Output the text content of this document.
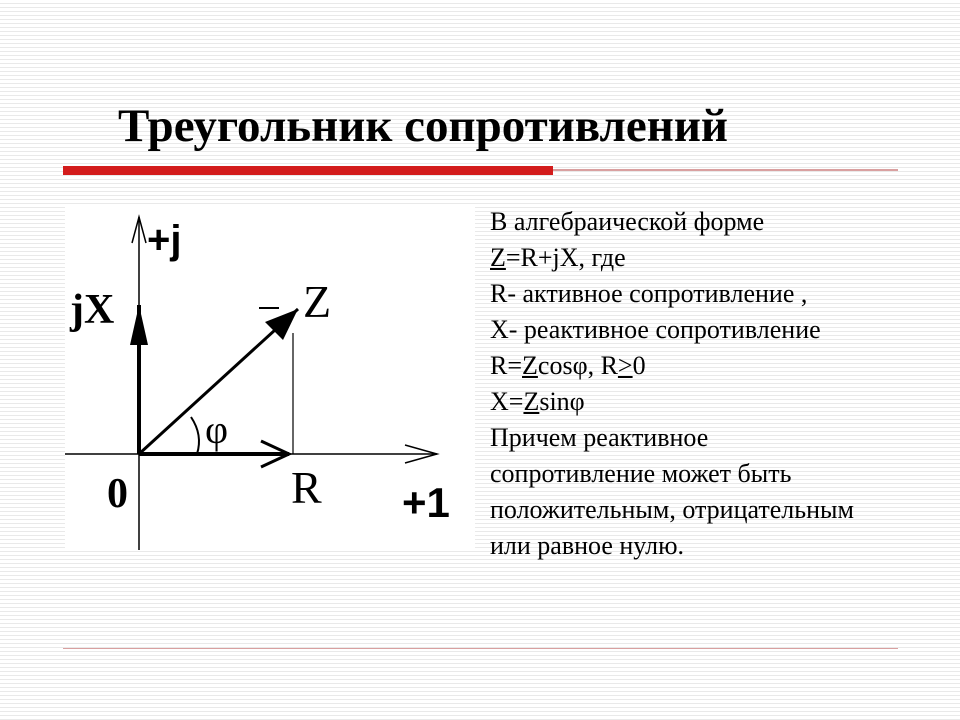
Треугольник сопротивлений
+j
+1
0
jX	Z
R
φ
В алгебраической форме
Z=R+jX, где
R- активное сопротивление ,
X- реактивное сопротивление
R=Zcosφ, R≥0
X=Zsinφ
Причем реактивное
сопротивление может быть
положительным, отрицательным
или равное нулю.
